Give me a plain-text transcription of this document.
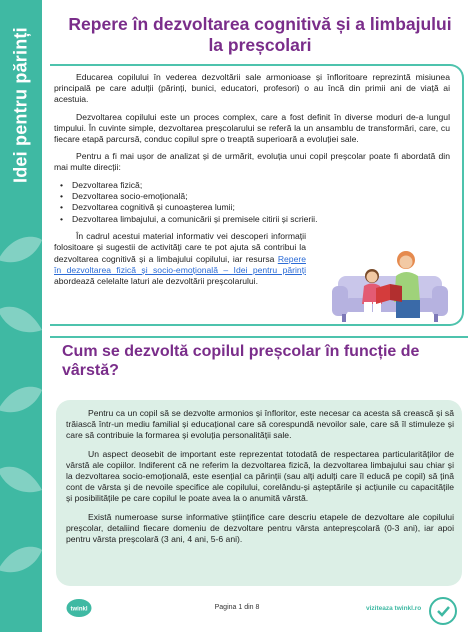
Idei pentru părinți
Repere în dezvoltarea cognitivă și a limbajului la preșcolari

Educarea copilului în vederea dezvoltării sale armonioase și înfloritoare reprezintă misiunea principală pe care adulții (părinți, bunici, educatori, profesori) o au încă din primii ani de viață ai acestuia.

Dezvoltarea copilului este un proces complex, care a fost definit în diverse moduri de-a lungul timpului. În cuvinte simple, dezvoltarea preșcolarului se referă la un ansamblu de transformări, care, cu fiecare etapă parcursă, conduc copilul spre o treaptă superioară a evoluției sale.

Pentru a fi mai ușor de analizat și de urmărit, evoluția unui copil preșcolar poate fi abordată din mai multe direcții:

• Dezvoltarea fizică;
• Dezvoltarea socio-emoțională;
• Dezvoltarea cognitivă și cunoașterea lumii;
• Dezvoltarea limbajului, a comunicării și premisele citirii și scrierii.

În cadrul acestui material informativ vei descoperi informații folositoare și sugestii de activități care te pot ajuta să contribui la dezvoltarea cognitivă și a limbajului copilului, iar resursa Repere în dezvoltarea fizică și socio-emoțională – Idei pentru părinți abordează celelalte laturi ale dezvoltării preșcolarului.

Cum se dezvoltă copilul preșcolar în funcție de vârstă?

Pentru ca un copil să se dezvolte armonios și înfloritor, este necesar ca acesta să crească și să trăiască într-un mediu familial și educațional care să corespundă nevoilor sale, care să îl stimuleze și care să contribuie la formarea și evoluția personalității sale.

Un aspect deosebit de important este reprezentat totodată de respectarea particularităților de vârstă ale copiilor. Indiferent că ne referim la dezvoltarea fizică, la dezvoltarea limbajului sau chiar și la dezvoltarea socio-emoțională, este esențial ca părinții (sau alți adulți care îl educă pe copil) să țină cont de vârsta și de nevoile specifice ale copilului, corelându-și așteptările și acțiunile cu capacitățile și posibilitățile pe care copilul le poate avea la o anumită vârstă.

Există numeroase surse informative științifice care descriu etapele de dezvoltare ale copilului preșcolar, detaliind fiecare domeniu de dezvoltare pentru vârsta antepreșcolară (0-3 ani), iar apoi pentru vârsta preșcolară (3 ani, 4 ani, 5-6 ani).

twinkl	Pagina 1 din 8	viziteaza twinkl.ro
